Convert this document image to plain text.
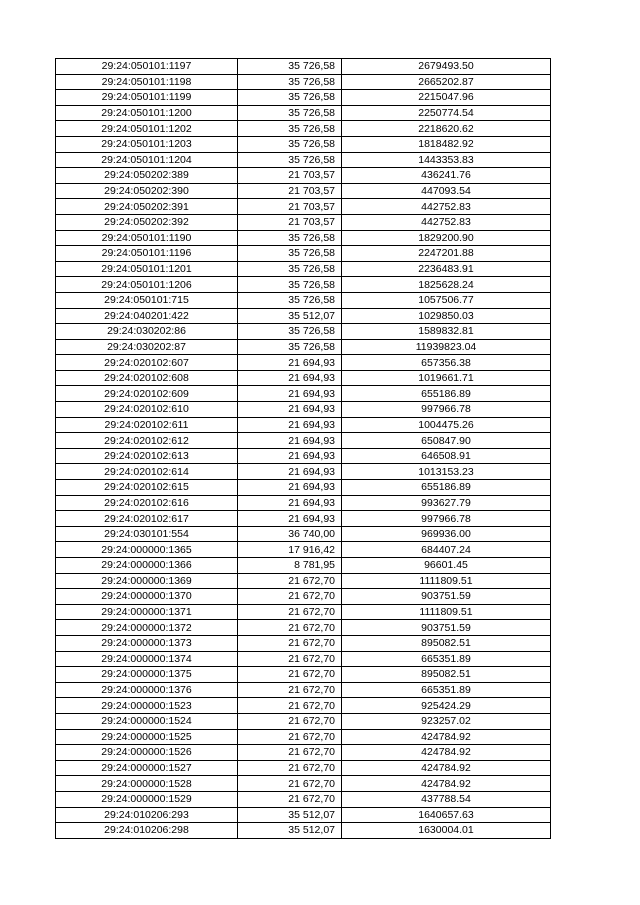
29:24:050101:1197	35 726,58	2679493.50
29:24:050101:1198	35 726,58	2665202.87
29:24:050101:1199	35 726,58	2215047.96
29:24:050101:1200	35 726,58	2250774.54
29:24:050101:1202	35 726,58	2218620.62
29:24:050101:1203	35 726,58	1818482.92
29:24:050101:1204	35 726,58	1443353.83
29:24:050202:389	21 703,57	436241.76
29:24:050202:390	21 703,57	447093.54
29:24:050202:391	21 703,57	442752.83
29:24:050202:392	21 703,57	442752.83
29:24:050101:1190	35 726,58	1829200.90
29:24:050101:1196	35 726,58	2247201.88
29:24:050101:1201	35 726,58	2236483.91
29:24:050101:1206	35 726,58	1825628.24
29:24:050101:715	35 726,58	1057506.77
29:24:040201:422	35 512,07	1029850.03
29:24:030202:86	35 726,58	1589832.81
29:24:030202:87	35 726,58	11939823.04
29:24:020102:607	21 694,93	657356.38
29:24:020102:608	21 694,93	1019661.71
29:24:020102:609	21 694,93	655186.89
29:24:020102:610	21 694,93	997966.78
29:24:020102:611	21 694,93	1004475.26
29:24:020102:612	21 694,93	650847.90
29:24:020102:613	21 694,93	646508.91
29:24:020102:614	21 694,93	1013153.23
29:24:020102:615	21 694,93	655186.89
29:24:020102:616	21 694,93	993627.79
29:24:020102:617	21 694,93	997966.78
29:24:030101:554	36 740,00	969936.00
29:24:000000:1365	17 916,42	684407.24
29:24:000000:1366	8 781,95	96601.45
29:24:000000:1369	21 672,70	1111809.51
29:24:000000:1370	21 672,70	903751.59
29:24:000000:1371	21 672,70	1111809.51
29:24:000000:1372	21 672,70	903751.59
29:24:000000:1373	21 672,70	895082.51
29:24:000000:1374	21 672,70	665351.89
29:24:000000:1375	21 672,70	895082.51
29:24:000000:1376	21 672,70	665351.89
29:24:000000:1523	21 672,70	925424.29
29:24:000000:1524	21 672,70	923257.02
29:24:000000:1525	21 672,70	424784.92
29:24:000000:1526	21 672,70	424784.92
29:24:000000:1527	21 672,70	424784.92
29:24:000000:1528	21 672,70	424784.92
29:24:000000:1529	21 672,70	437788.54
29:24:010206:293	35 512,07	1640657.63
29:24:010206:298	35 512,07	1630004.01
